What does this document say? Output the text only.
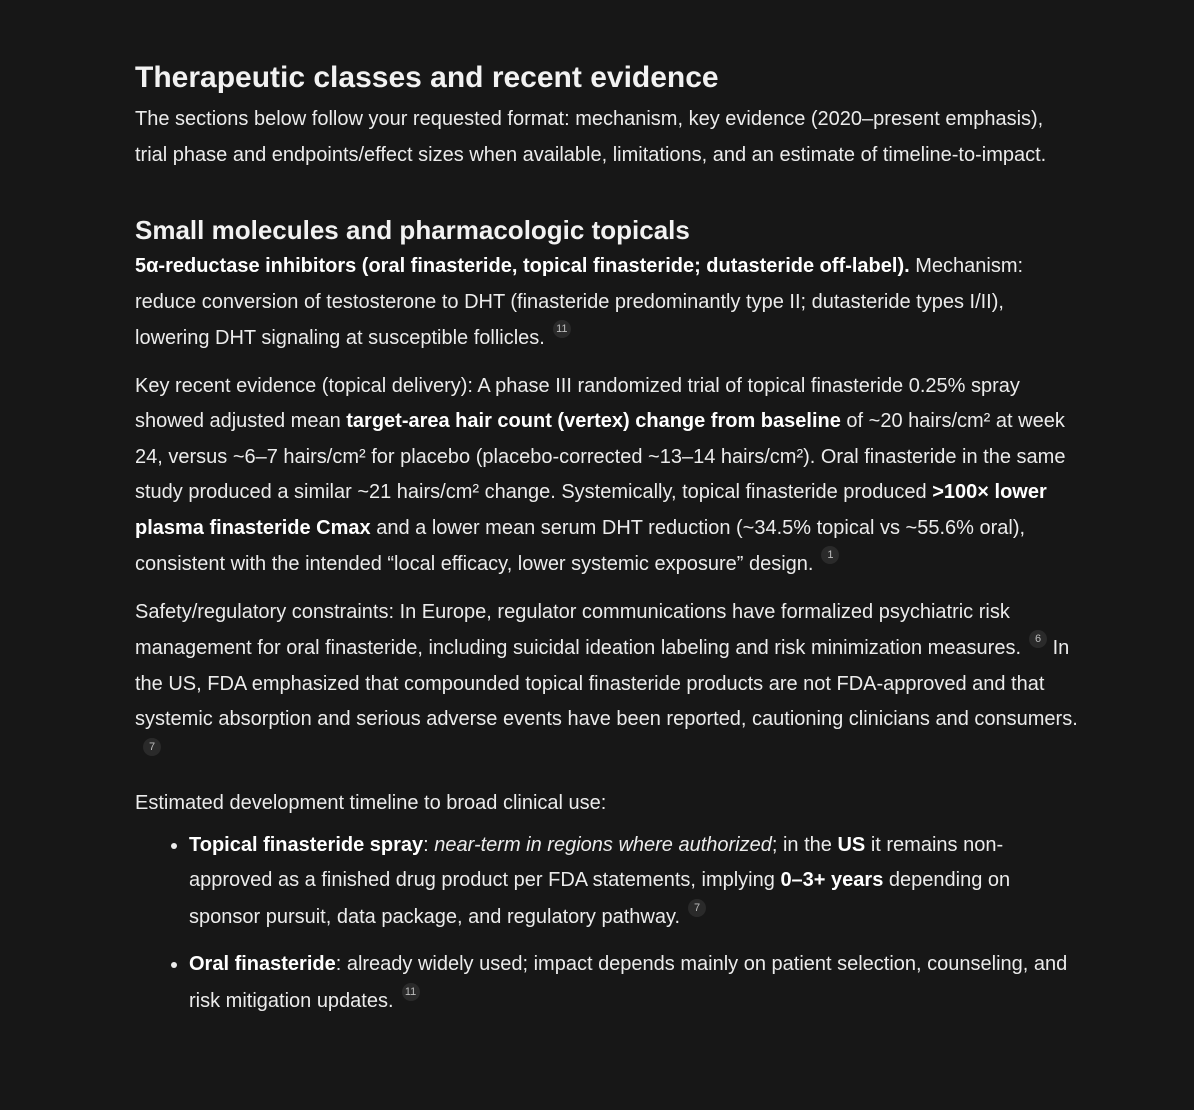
Therapeutic classes and recent evidence

The sections below follow your requested format: mechanism, key evidence (2020–present emphasis), trial phase and endpoints/effect sizes when available, limitations, and an estimate of timeline-to-impact.

Small molecules and pharmacologic topicals

5α-reductase inhibitors (oral finasteride, topical finasteride; dutasteride off-label). Mechanism: reduce conversion of testosterone to DHT (finasteride predominantly type II; dutasteride types I/II), lowering DHT signaling at susceptible follicles. 11

Key recent evidence (topical delivery): A phase III randomized trial of topical finasteride 0.25% spray showed adjusted mean target-area hair count (vertex) change from baseline of ~20 hairs/cm² at week 24, versus ~6–7 hairs/cm² for placebo (placebo-corrected ~13–14 hairs/cm²). Oral finasteride in the same study produced a similar ~21 hairs/cm² change. Systemically, topical finasteride produced >100× lower plasma finasteride Cmax and a lower mean serum DHT reduction (~34.5% topical vs ~55.6% oral), consistent with the intended “local efficacy, lower systemic exposure” design. 1

Safety/regulatory constraints: In Europe, regulator communications have formalized psychiatric risk management for oral finasteride, including suicidal ideation labeling and risk minimization measures. 6 In the US, FDA emphasized that compounded topical finasteride products are not FDA-approved and that systemic absorption and serious adverse events have been reported, cautioning clinicians and consumers.7

Estimated development timeline to broad clinical use:

• Topical finasteride spray: near-term in regions where authorized; in the US it remains non-approved as a finished drug product per FDA statements, implying 0–3+ years depending on sponsor pursuit, data package, and regulatory pathway. 7
• Oral finasteride: already widely used; impact depends mainly on patient selection, counseling, and risk mitigation updates. 11
